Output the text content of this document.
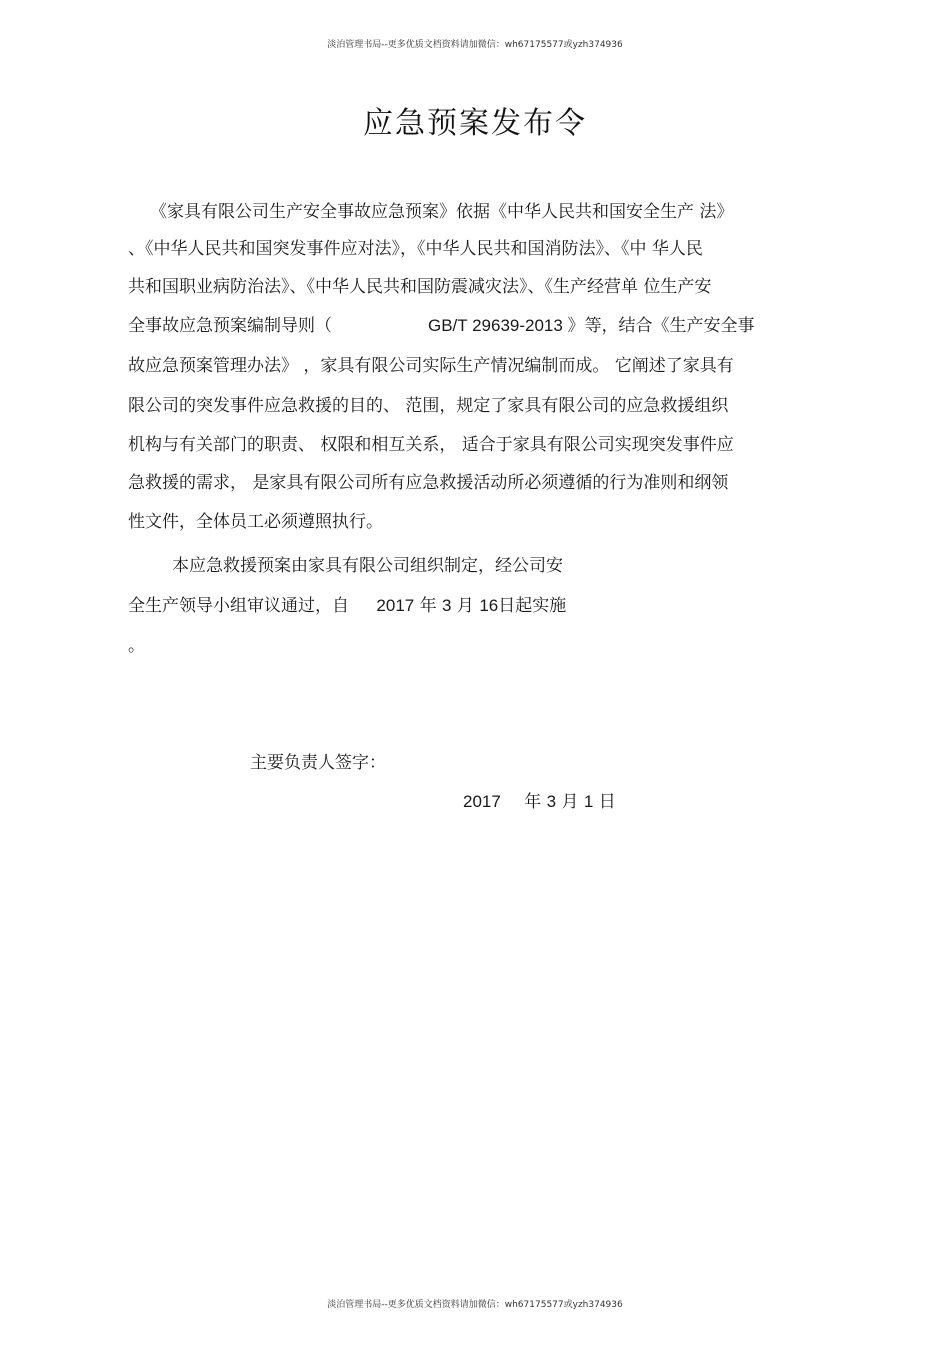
淡泊管理书局--更多优质文档资料请加微信：wh67175577或yzh374936
应急预案发布令
《家具有限公司生产安全事故应急预案》依据《中华人民共和国安全生产 法》
、《中华人民共和国突发事件应对法》，《中华人民共和国消防法》、《中 华人民
共和国职业病防治法》、《中华人民共和国防震减灾法》、《生产经营单 位生产安
全事故应急预案编制导则（	GB/T 29639-2013 》等，结合《生产安全事
故应急预案管理办法》 ，家具有限公司实际生产情况编制而成。 它阐述了家具有
限公司的突发事件应急救援的目的、 范围，规定了家具有限公司的应急救援组织
机构与有关部门的职责、 权限和相互关系， 适合于家具有限公司实现突发事件应
急救援的需求， 是家具有限公司所有应急救援活动所必须遵循的行为准则和纲领
性文件，全体员工必须遵照执行。
本应急救援预案由家具有限公司组织制定，经公司安
全生产领导小组审议通过，自 2017 年 3 月 16日起实施
。
主要负责人签字：
2017 年 3 月 1 日
淡泊管理书局--更多优质文档资料请加微信：wh67175577或yzh374936
